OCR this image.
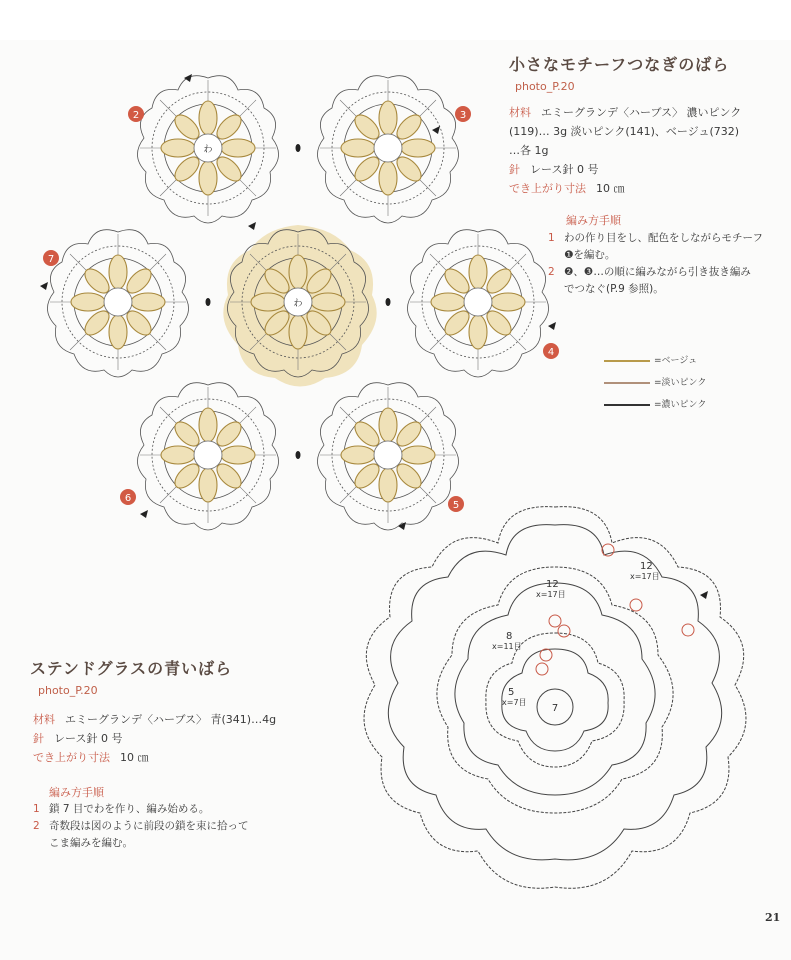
小さなモチーフつなぎのばら
photo_P.20
材料 エミーグランデ〈ハーブス〉 濃いピンク
(119)… 3g 淡いピンク(141)、ベージュ(732)
…各 1g
針 レース針 0 号
でき上がり寸法 10 ㎝
編み方手順
1 わの作り目をし、配色をしながらモチーフ
❶を編む。
2 ❷、❸…の順に編みながら引き抜き編み
でつなぐ(P.9 参照)。
=ベージュ
=淡いピンク
=濃いピンク
わ
わ
2	3
7
4
6
5
ステンドグラスの青いばら
photo_P.20
材料 エミーグランデ〈ハーブス〉 青(341)…4g
針 レース針 0 号
でき上がり寸法 10 ㎝
編み方手順
1 鎖 7 目でわを作り、編み始める。
2 奇数段は図のように前段の鎖を束に拾って
こま編みを編む。
7
5
x=7目
8
x=11目
12
x=17目
12
x=17目
21
